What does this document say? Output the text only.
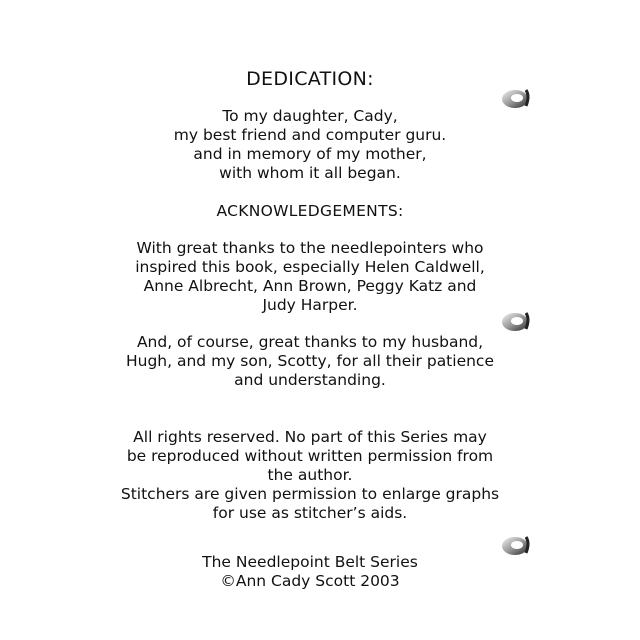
DEDICATION:
To my daughter, Cady,
my best friend and computer guru.
and in memory of my mother,
with whom it all began.
ACKNOWLEDGEMENTS:
With great thanks to the needlepointers who
inspired this book, especially Helen Caldwell,
Anne Albrecht, Ann Brown, Peggy Katz and
Judy Harper.
And, of course, great thanks to my husband,
Hugh, and my son, Scotty, for all their patience
and understanding.
All rights reserved. No part of this Series may
be reproduced without written permission from
the author.
Stitchers are given permission to enlarge graphs
for use as stitcher’s aids.
The Needlepoint Belt Series
©Ann Cady Scott 2003
